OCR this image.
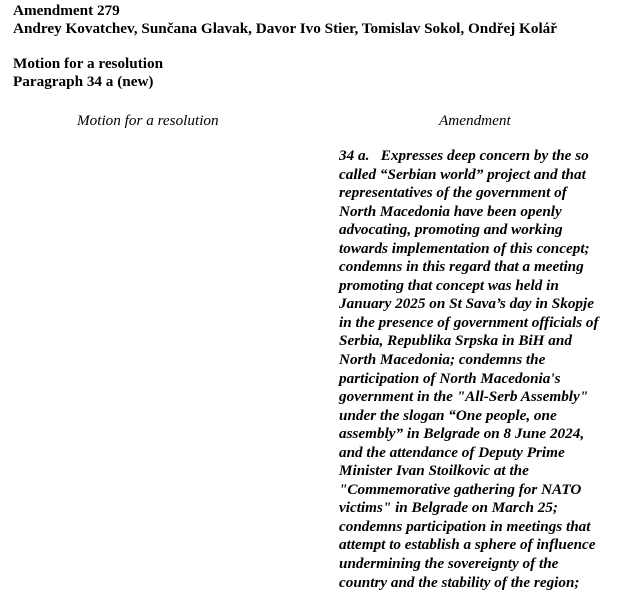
Amendment 279
Andrey Kovatchev, Sunčana Glavak, Davor Ivo Stier, Tomislav Sokol, Ondřej Kolář
Motion for a resolution
Paragraph 34 a (new)
Motion for a resolution	Amendment
34 a.   Expresses deep concern by the so
called “Serbian world” project and that
representatives of the government of
North Macedonia have been openly
advocating, promoting and working
towards implementation of this concept;
condemns in this regard that a meeting
promoting that concept was held in
January 2025 on St Sava’s day in Skopje
in the presence of government officials of
Serbia, Republika Srpska in BiH and
North Macedonia; condemns the
participation of North Macedonia's
government in the "All-Serb Assembly"
under the slogan “One people, one
assembly” in Belgrade on 8 June 2024,
and the attendance of Deputy Prime
Minister Ivan Stoilkovic at the
"Commemorative gathering for NATO
victims" in Belgrade on March 25;
condemns participation in meetings that
attempt to establish a sphere of influence
undermining the sovereignty of the
country and the stability of the region;
